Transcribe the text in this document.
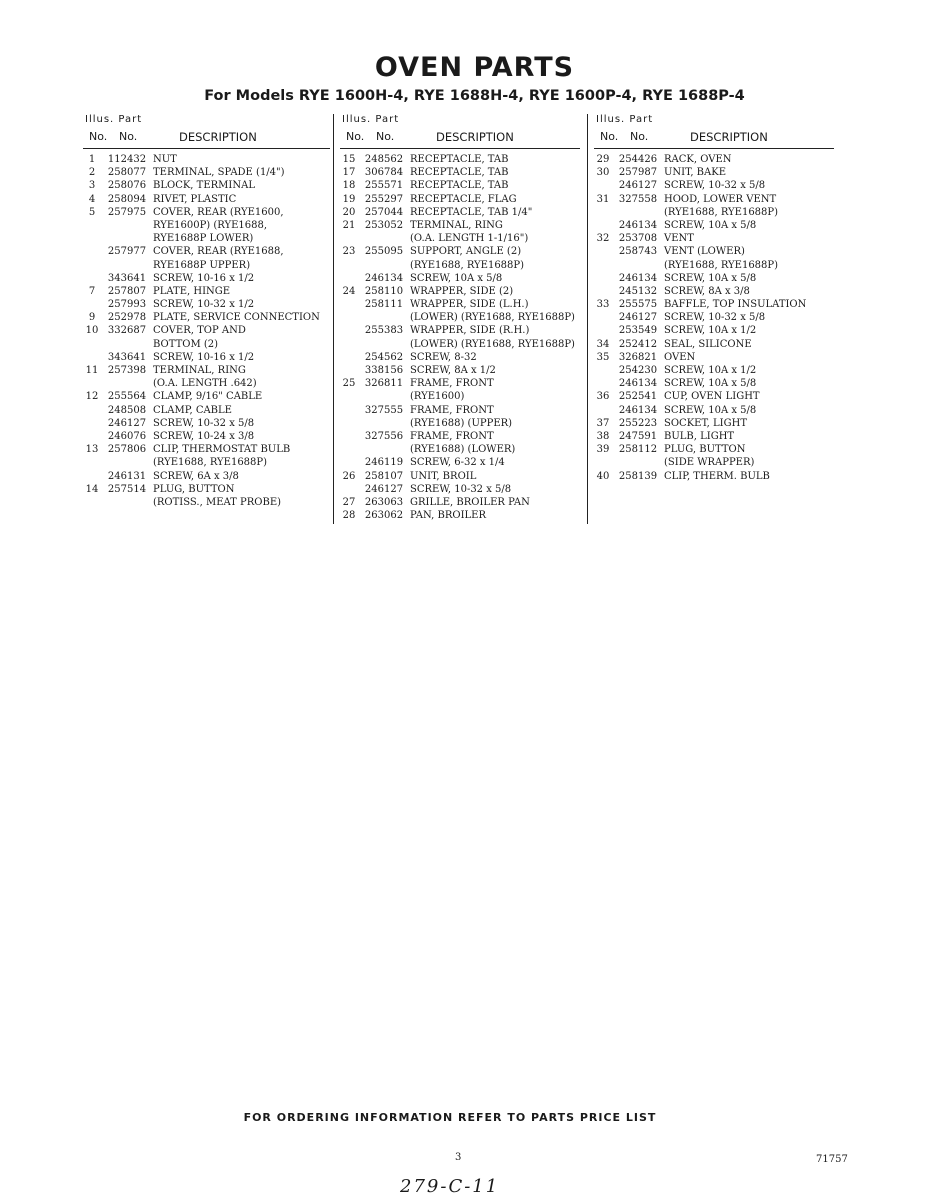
OVEN PARTS
For Models RYE 1600H-4, RYE 1688H-4, RYE 1600P-4, RYE 1688P-4
Illus. Part
No. No.	DESCRIPTION
1	112432 NUT
2	258077 TERMINAL, SPADE (1/4")
3	258076 BLOCK, TERMINAL
4	258094 RIVET, PLASTIC
5	257975 COVER, REAR (RYE1600,
RYE1600P) (RYE1688,
RYE1688P LOWER)
257977 COVER, REAR (RYE1688,
RYE1688P UPPER)
343641 SCREW, 10-16 x 1/2
7	257807 PLATE, HINGE
257993 SCREW, 10-32 x 1/2
9	252978 PLATE, SERVICE CONNECTION
10 332687 COVER, TOP AND
BOTTOM (2)
343641 SCREW, 10-16 x 1/2
11 257398 TERMINAL, RING
(O.A. LENGTH .642)
12 255564 CLAMP, 9/16" CABLE
248508 CLAMP, CABLE
246127 SCREW, 10-32 x 5/8
246076 SCREW, 10-24 x 3/8
13 257806 CLIP, THERMOSTAT BULB
(RYE1688, RYE1688P)
246131 SCREW, 6A x 3/8
14 257514 PLUG, BUTTON
(ROTISS., MEAT PROBE)
Illus. Part
No. No.	DESCRIPTION
15 248562 RECEPTACLE, TAB
17 306784 RECEPTACLE, TAB
18 255571 RECEPTACLE, TAB
19 255297 RECEPTACLE, FLAG
20 257044 RECEPTACLE, TAB 1/4"
21 253052 TERMINAL, RING
(O.A. LENGTH 1-1/16")
23 255095 SUPPORT, ANGLE (2)
(RYE1688, RYE1688P)
246134 SCREW, 10A x 5/8
24 258110 WRAPPER, SIDE (2)
258111 WRAPPER, SIDE (L.H.)
(LOWER) (RYE1688, RYE1688P)
255383 WRAPPER, SIDE (R.H.)
(LOWER) (RYE1688, RYE1688P)
254562 SCREW, 8-32
338156 SCREW, 8A x 1/2
25 326811 FRAME, FRONT
(RYE1600)
327555 FRAME, FRONT
(RYE1688) (UPPER)
327556 FRAME, FRONT
(RYE1688) (LOWER)
246119 SCREW, 6-32 x 1/4
26 258107 UNIT, BROIL
246127 SCREW, 10-32 x 5/8
27 263063 GRILLE, BROILER PAN
28 263062 PAN, BROILER
Illus. Part
No. No.	DESCRIPTION
29 254426 RACK, OVEN
30 257987 UNIT, BAKE
246127 SCREW, 10-32 x 5/8
31 327558 HOOD, LOWER VENT
(RYE1688, RYE1688P)
246134 SCREW, 10A x 5/8
32 253708 VENT
258743 VENT (LOWER)
(RYE1688, RYE1688P)
246134 SCREW, 10A x 5/8
245132 SCREW, 8A x 3/8
33 255575 BAFFLE, TOP INSULATION
246127 SCREW, 10-32 x 5/8
253549 SCREW, 10A x 1/2
34 252412 SEAL, SILICONE
35 326821 OVEN
254230 SCREW, 10A x 1/2
246134 SCREW, 10A x 5/8
36 252541 CUP, OVEN LIGHT
246134 SCREW, 10A x 5/8
37 255223 SOCKET, LIGHT
38 247591 BULB, LIGHT
39 258112 PLUG, BUTTON
(SIDE WRAPPER)
40 258139 CLIP, THERM. BULB
FOR ORDERING INFORMATION REFER TO PARTS PRICE LIST
3	71757
279-C-11
